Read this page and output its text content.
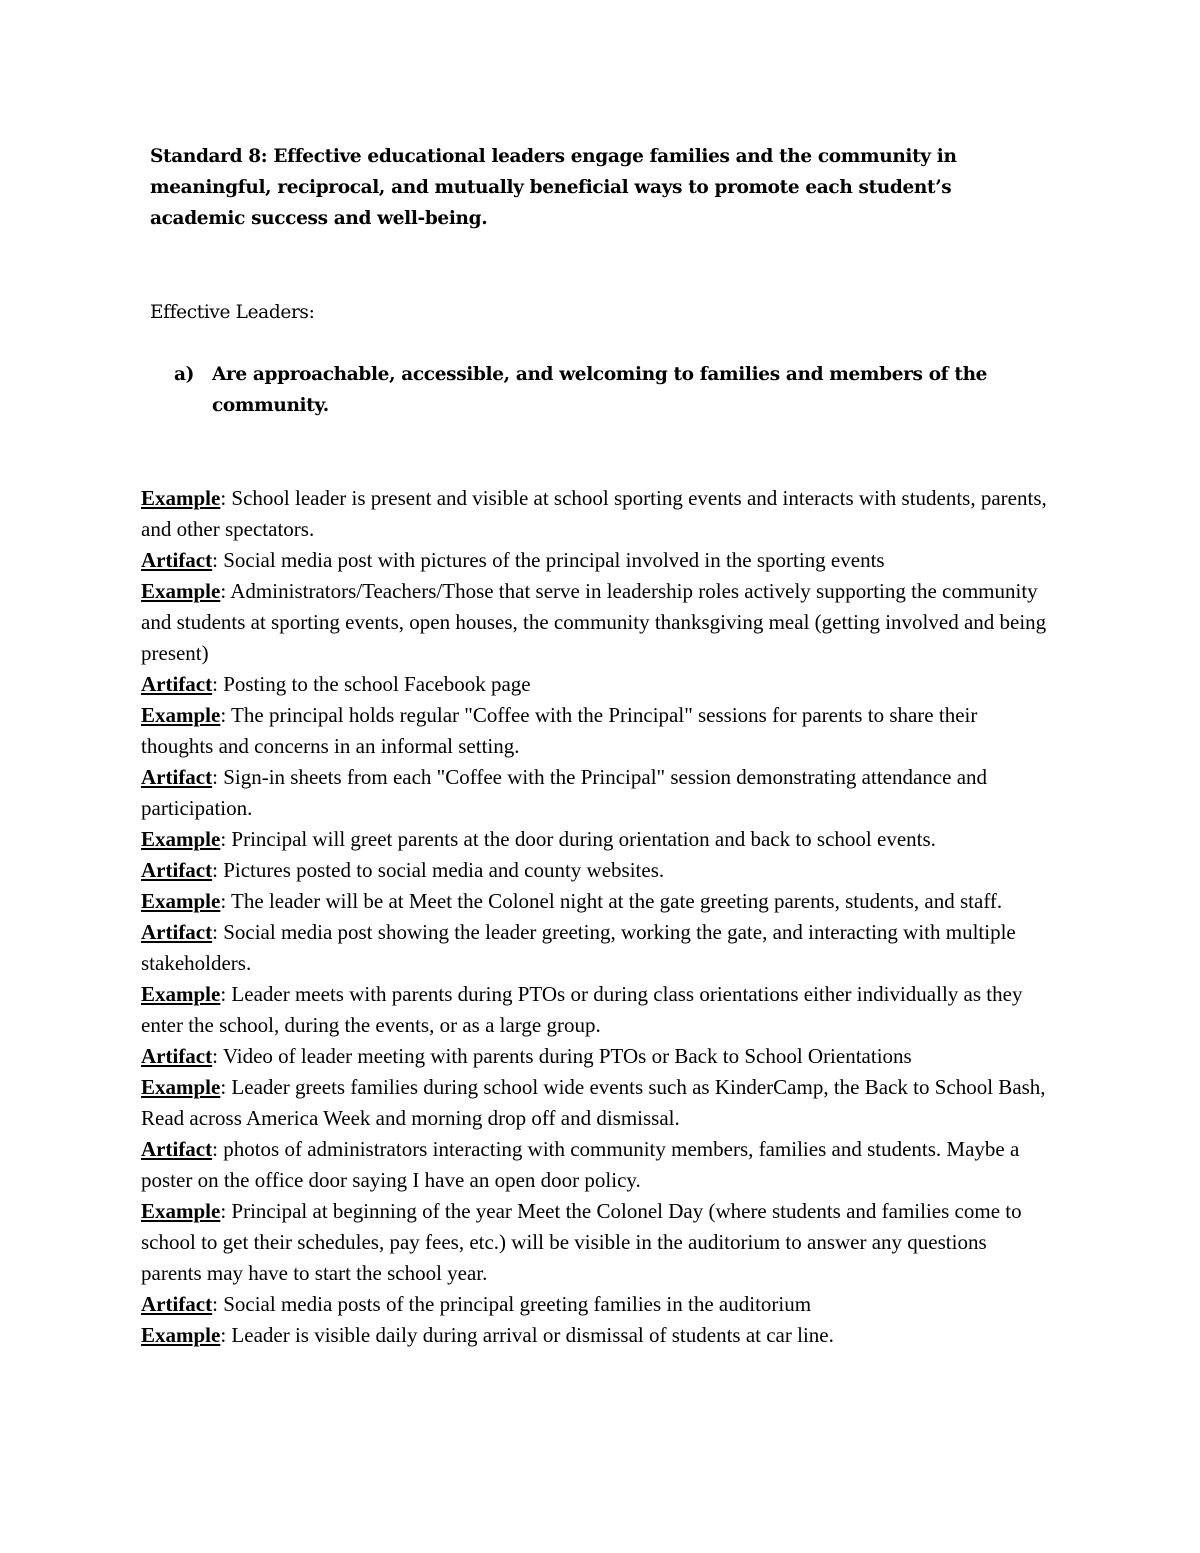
Standard 8: Effective educational leaders engage families and the community in meaningful, reciprocal, and mutually beneficial ways to promote each student’s academic success and well-being.
Effective Leaders:
a) Are approachable, accessible, and welcoming to families and members of the community.

Example: School leader is present and visible at school sporting events and interacts with students, parents, and other spectators.

Artifact: Social media post with pictures of the principal involved in the sporting events

Example: Administrators/Teachers/Those that serve in leadership roles actively supporting the community and students at sporting events, open houses, the community thanksgiving meal (getting involved and being present)

Artifact: Posting to the school Facebook page

Example: The principal holds regular "Coffee with the Principal" sessions for parents to share their thoughts and concerns in an informal setting.

Artifact: Sign-in sheets from each "Coffee with the Principal" session demonstrating attendance and participation.

Example: Principal will greet parents at the door during orientation and back to school events.

Artifact: Pictures posted to social media and county websites.

Example: The leader will be at Meet the Colonel night at the gate greeting parents, students, and staff.

Artifact: Social media post showing the leader greeting, working the gate, and interacting with multiple stakeholders.

Example: Leader meets with parents during PTOs or during class orientations either individually as they enter the school, during the events, or as a large group.

Artifact: Video of leader meeting with parents during PTOs or Back to School Orientations

Example: Leader greets families during school wide events such as KinderCamp, the Back to School Bash, Read across America Week and morning drop off and dismissal.

Artifact: photos of administrators interacting with community members, families and students. Maybe a poster on the office door saying I have an open door policy.

Example: Principal at beginning of the year Meet the Colonel Day (where students and families come to school to get their schedules, pay fees, etc.) will be visible in the auditorium to answer any questions parents may have to start the school year.

Artifact: Social media posts of the principal greeting families in the auditorium

Example: Leader is visible daily during arrival or dismissal of students at car line.
